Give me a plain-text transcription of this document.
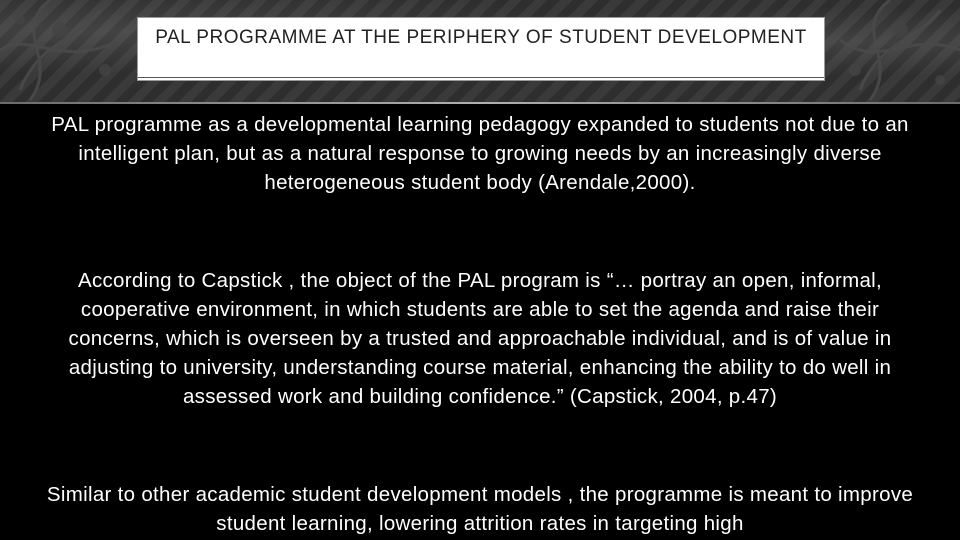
PAL PROGRAMME AT THE PERIPHERY OF STUDENT DEVELOPMENT

PAL programme as a developmental learning pedagogy expanded to students not due to an intelligent plan, but as a natural response to growing needs by an increasingly diverse heterogeneous student body (Arendale,2000).

According to Capstick , the object of the PAL program is “… portray an open, informal, cooperative environment, in which students are able to set the agenda and raise their concerns, which is overseen by a trusted and approachable individual, and is of value in adjusting to university, understanding course material, enhancing the ability to do well in assessed work and building confidence.” (Capstick, 2004, p.47)

Similar to other academic student development models , the programme is meant to improve student learning, lowering attrition rates in targeting high
